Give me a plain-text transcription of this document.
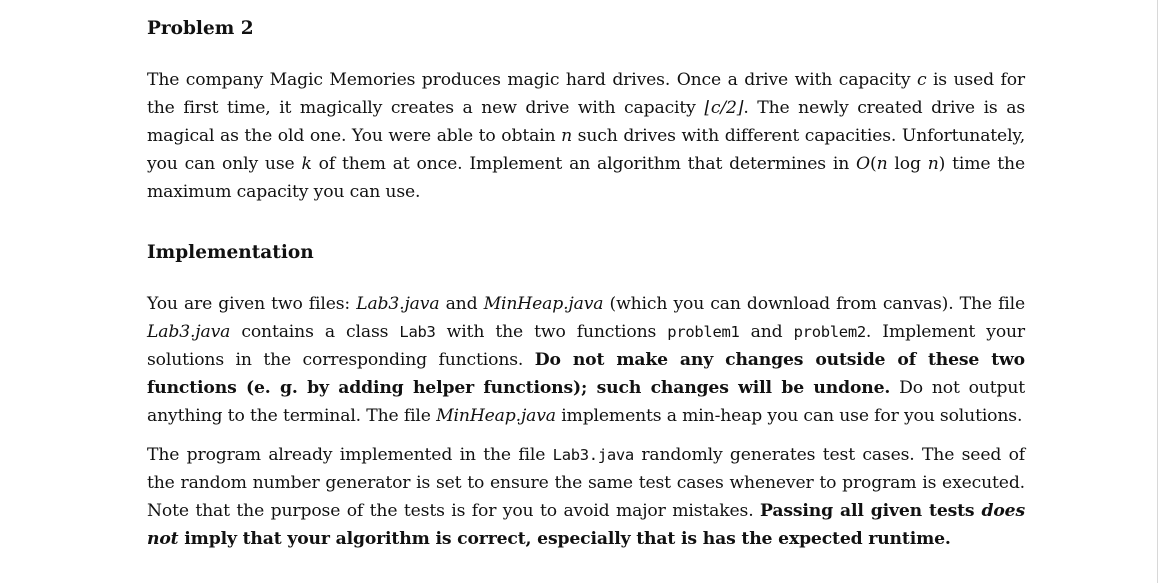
Problem 2

The company Magic Memories produces magic hard drives. Once a drive with capacity c is used for the first time, it magically creates a new drive with capacity ⌊c/2⌋. The newly created drive is as magical as the old one. You were able to obtain n such drives with different capacities. Unfortunately, you can only use k of them at once. Implement an algorithm that determines in O(n log n) time the maximum capacity you can use.

Implementation

You are given two files: Lab3.java and MinHeap.java (which you can download from canvas). The file Lab3.java contains a class Lab3 with the two functions problem1 and problem2. Implement your solutions in the corresponding functions. Do not make any changes outside of these two functions (e. g. by adding helper functions); such changes will be undone. Do not output anything to the terminal. The file MinHeap.java implements a min-heap you can use for you solutions.

The program already implemented in the file Lab3.java randomly generates test cases. The seed of the random number generator is set to ensure the same test cases whenever to program is executed. Note that the purpose of the tests is for you to avoid major mistakes. Passing all given tests does not imply that your algorithm is correct, especially that is has the expected runtime.
